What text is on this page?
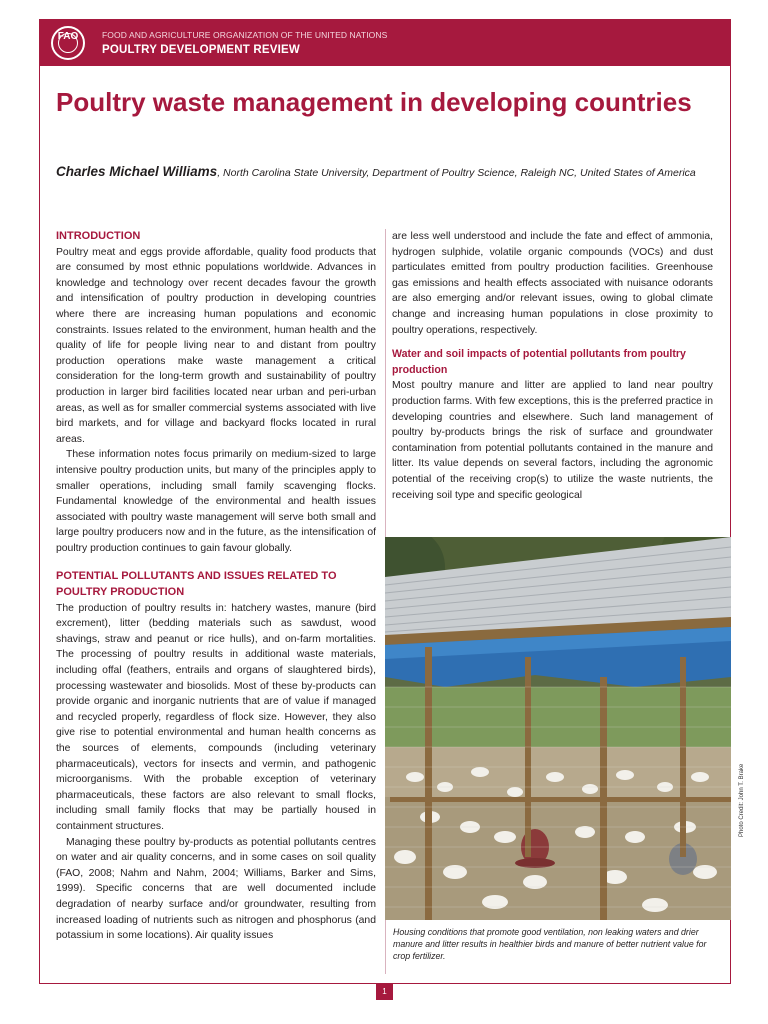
FAO	FOOD AND AGRICULTURE ORGANIZATION OF THE UNITED NATIONS
POULTRY DEVELOPMENT REVIEW
Poultry waste management in developing countries
Charles Michael Williams, North Carolina State University, Department of Poultry Science, Raleigh NC, United States of America
INTRODUCTION

Poultry meat and eggs provide affordable, quality food products that are consumed by most ethnic populations worldwide. Advances in knowledge and technology over recent decades favour the growth and intensification of poultry production in developing countries where there are increasing human populations and economic constraints. Issues related to the environment, human health and the quality of life for people living near to and distant from poultry production operations make waste management a critical consideration for the long-term growth and sustainability of poultry production in larger bird facilities located near urban and peri-urban areas, as well as for smaller commercial systems associated with live bird markets, and for village and backyard flocks located in rural areas.

These information notes focus primarily on medium-sized to large intensive poultry production units, but many of the principles apply to smaller operations, including small family scavenging flocks. Fundamental knowledge of the environmental and health issues associated with poultry waste management will serve both small and large poultry producers now and in the future, as the intensification of poultry production continues to gain favour globally.

POTENTIAL POLLUTANTS AND ISSUES RELATED TO POULTRY PRODUCTION

The production of poultry results in: hatchery wastes, manure (bird excrement), litter (bedding materials such as sawdust, wood shavings, straw and peanut or rice hulls), and on-farm mortalities. The processing of poultry results in additional waste materials, including offal (feathers, entrails and organs of slaughtered birds), processing wastewater and biosolids. Most of these by-products can provide organic and inorganic nutrients that are of value if managed and recycled properly, regardless of flock size. However, they also give rise to potential environmental and human health concerns as the sources of elements, compounds (including veterinary pharmaceuticals), vectors for insects and vermin, and pathogenic microorganisms. With the probable exception of veterinary pharmaceuticals, these factors are also relevant to small flocks, including small family flocks that may be partially housed in containment structures.

Managing these poultry by-products as potential pollutants centres on water and air quality concerns, and in some cases on soil quality (FAO, 2008; Nahm and Nahm, 2004; Williams, Barker and Sims, 1999). Specific concerns that are well documented include degradation of nearby surface and/or groundwater, resulting from increased loading of nutrients such as nitrogen and phosphorus (and potassium in some locations). Air quality issues

are less well understood and include the fate and effect of ammonia, hydrogen sulphide, volatile organic compounds (VOCs) and dust particulates emitted from poultry production facilities. Greenhouse gas emissions and health effects associated with nuisance odorants are also emerging and/or relevant issues, owing to global climate change and increasing human populations in close proximity to poultry operations, respectively.

Water and soil impacts of potential pollutants from poultry production

Most poultry manure and litter are applied to land near poultry production farms. With few exceptions, this is the preferred practice in developing countries and elsewhere. Such land management of poultry by-products brings the risk of surface and groundwater contamination from potential pollutants contained in the manure and litter. Its value depends on several factors, including the agronomic potential of the receiving crop(s) to utilize the waste nutrients, the receiving soil type and specific geological

Housing conditions that promote good ventilation, non leaking waters and drier manure and litter results in healthier birds and manure of better nutrient value for crop fertilizer.
Photo Credit: John T. Brake
1
